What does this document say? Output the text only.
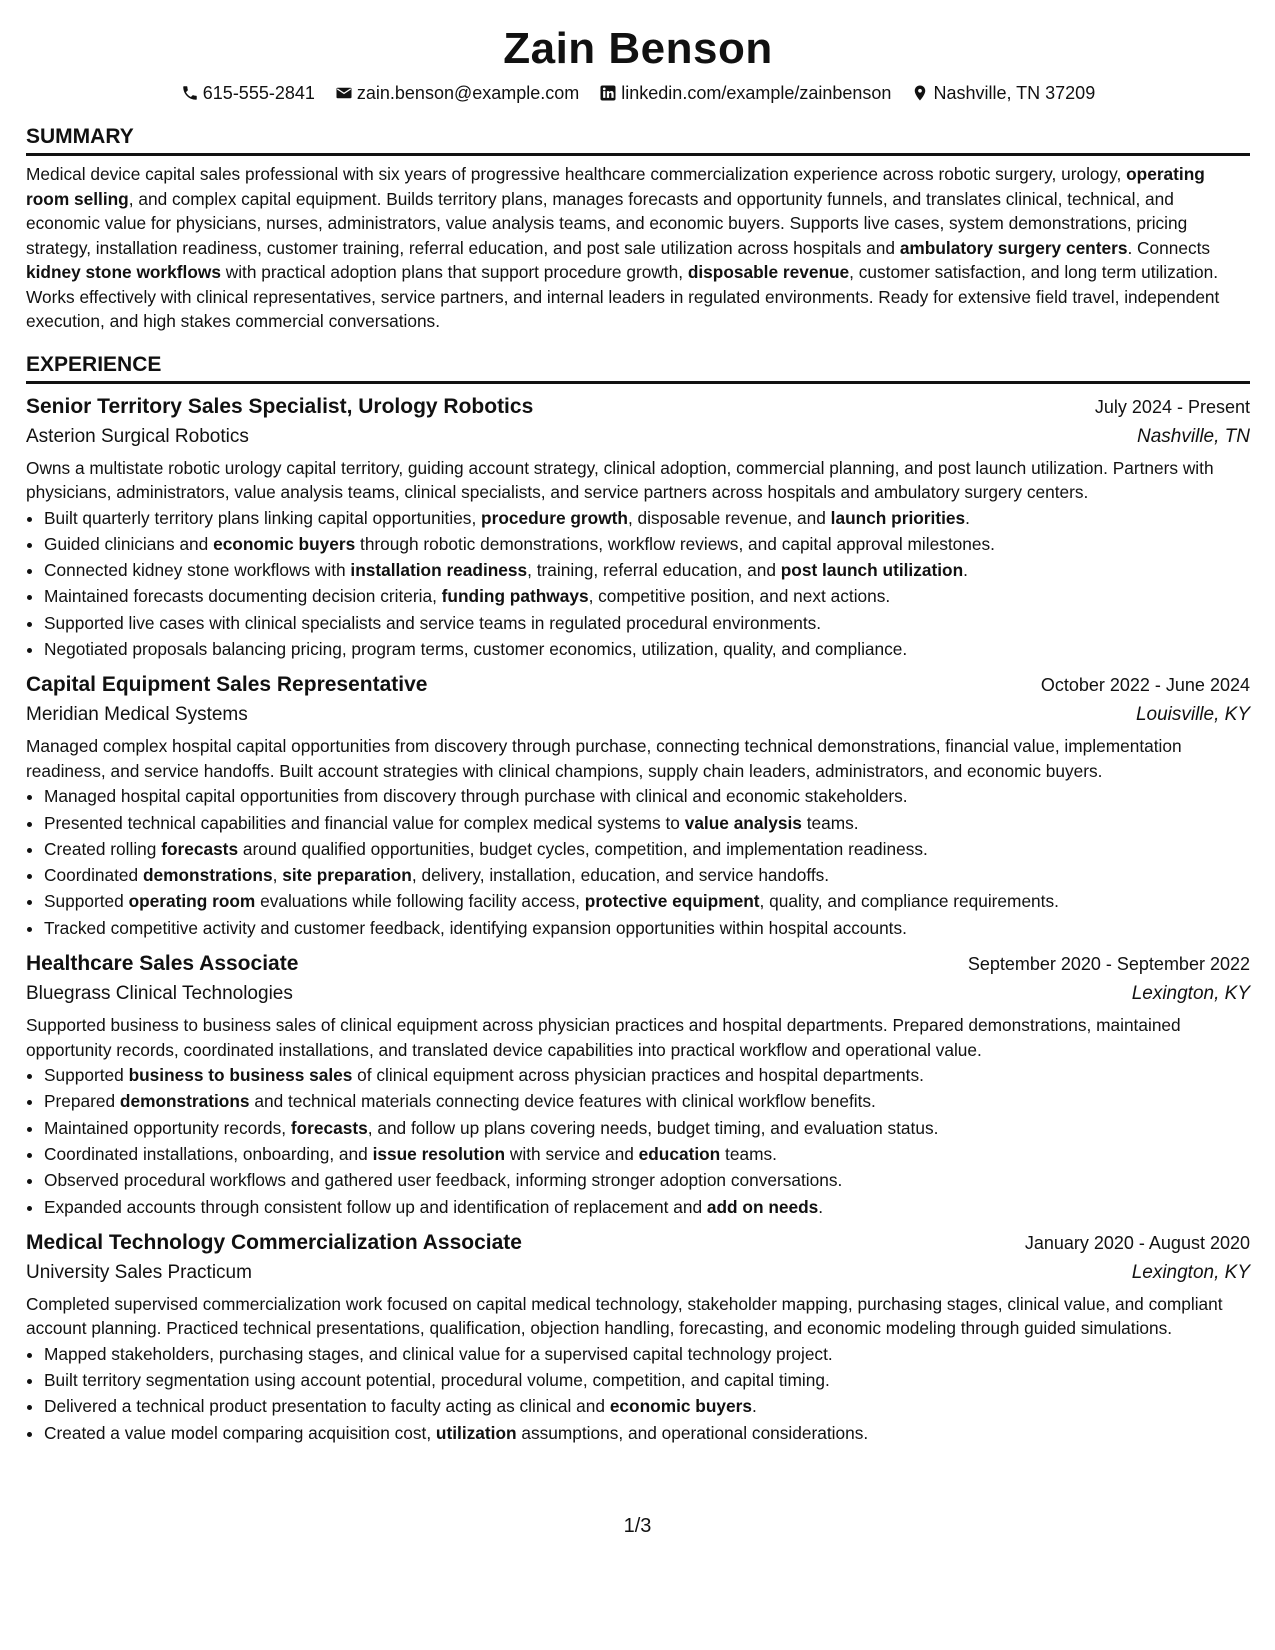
Zain Benson
615-555-2841 zain.benson@example.com linkedin.com/example/zainbenson Nashville, TN 37209
SUMMARY

Medical device capital sales professional with six years of progressive healthcare commercialization experience across robotic surgery, urology, operating room selling, and complex capital equipment. Builds territory plans, manages forecasts and opportunity funnels, and translates clinical, technical, and economic value for physicians, nurses, administrators, value analysis teams, and economic buyers. Supports live cases, system demonstrations, pricing strategy, installation readiness, customer training, referral education, and post sale utilization across hospitals and ambulatory surgery centers. Connects kidney stone workflows with practical adoption plans that support procedure growth, disposable revenue, customer satisfaction, and long term utilization. Works effectively with clinical representatives, service partners, and internal leaders in regulated environments. Ready for extensive field travel, independent execution, and high stakes commercial conversations.

EXPERIENCE
Senior Territory Sales Specialist, Urology Robotics	July 2024 - Present
Asterion Surgical Robotics	Nashville, TN

Owns a multistate robotic urology capital territory, guiding account strategy, clinical adoption, commercial planning, and post launch utilization. Partners with physicians, administrators, value analysis teams, clinical specialists, and service partners across hospitals and ambulatory surgery centers.

• Built quarterly territory plans linking capital opportunities, procedure growth, disposable revenue, and launch priorities.
• Guided clinicians and economic buyers through robotic demonstrations, workflow reviews, and capital approval milestones.
• Connected kidney stone workflows with installation readiness, training, referral education, and post launch utilization.
• Maintained forecasts documenting decision criteria, funding pathways, competitive position, and next actions.
• Supported live cases with clinical specialists and service teams in regulated procedural environments.
• Negotiated proposals balancing pricing, program terms, customer economics, utilization, quality, and compliance.
Capital Equipment Sales Representative	October 2022 - June 2024
Meridian Medical Systems	Louisville, KY

Managed complex hospital capital opportunities from discovery through purchase, connecting technical demonstrations, financial value, implementation readiness, and service handoffs. Built account strategies with clinical champions, supply chain leaders, administrators, and economic buyers.

• Managed hospital capital opportunities from discovery through purchase with clinical and economic stakeholders.
• Presented technical capabilities and financial value for complex medical systems to value analysis teams.
• Created rolling forecasts around qualified opportunities, budget cycles, competition, and implementation readiness.
• Coordinated demonstrations, site preparation, delivery, installation, education, and service handoffs.
• Supported operating room evaluations while following facility access, protective equipment, quality, and compliance requirements.
• Tracked competitive activity and customer feedback, identifying expansion opportunities within hospital accounts.
Healthcare Sales Associate	September 2020 - September 2022
Bluegrass Clinical Technologies	Lexington, KY

Supported business to business sales of clinical equipment across physician practices and hospital departments. Prepared demonstrations, maintained opportunity records, coordinated installations, and translated device capabilities into practical workflow and operational value.

• Supported business to business sales of clinical equipment across physician practices and hospital departments.
• Prepared demonstrations and technical materials connecting device features with clinical workflow benefits.
• Maintained opportunity records, forecasts, and follow up plans covering needs, budget timing, and evaluation status.
• Coordinated installations, onboarding, and issue resolution with service and education teams.
• Observed procedural workflows and gathered user feedback, informing stronger adoption conversations.
• Expanded accounts through consistent follow up and identification of replacement and add on needs.
Medical Technology Commercialization Associate	January 2020 - August 2020
University Sales Practicum	Lexington, KY

Completed supervised commercialization work focused on capital medical technology, stakeholder mapping, purchasing stages, clinical value, and compliant account planning. Practiced technical presentations, qualification, objection handling, forecasting, and economic modeling through guided simulations.

• Mapped stakeholders, purchasing stages, and clinical value for a supervised capital technology project.
• Built territory segmentation using account potential, procedural volume, competition, and capital timing.
• Delivered a technical product presentation to faculty acting as clinical and economic buyers.
• Created a value model comparing acquisition cost, utilization assumptions, and operational considerations.
1/3
